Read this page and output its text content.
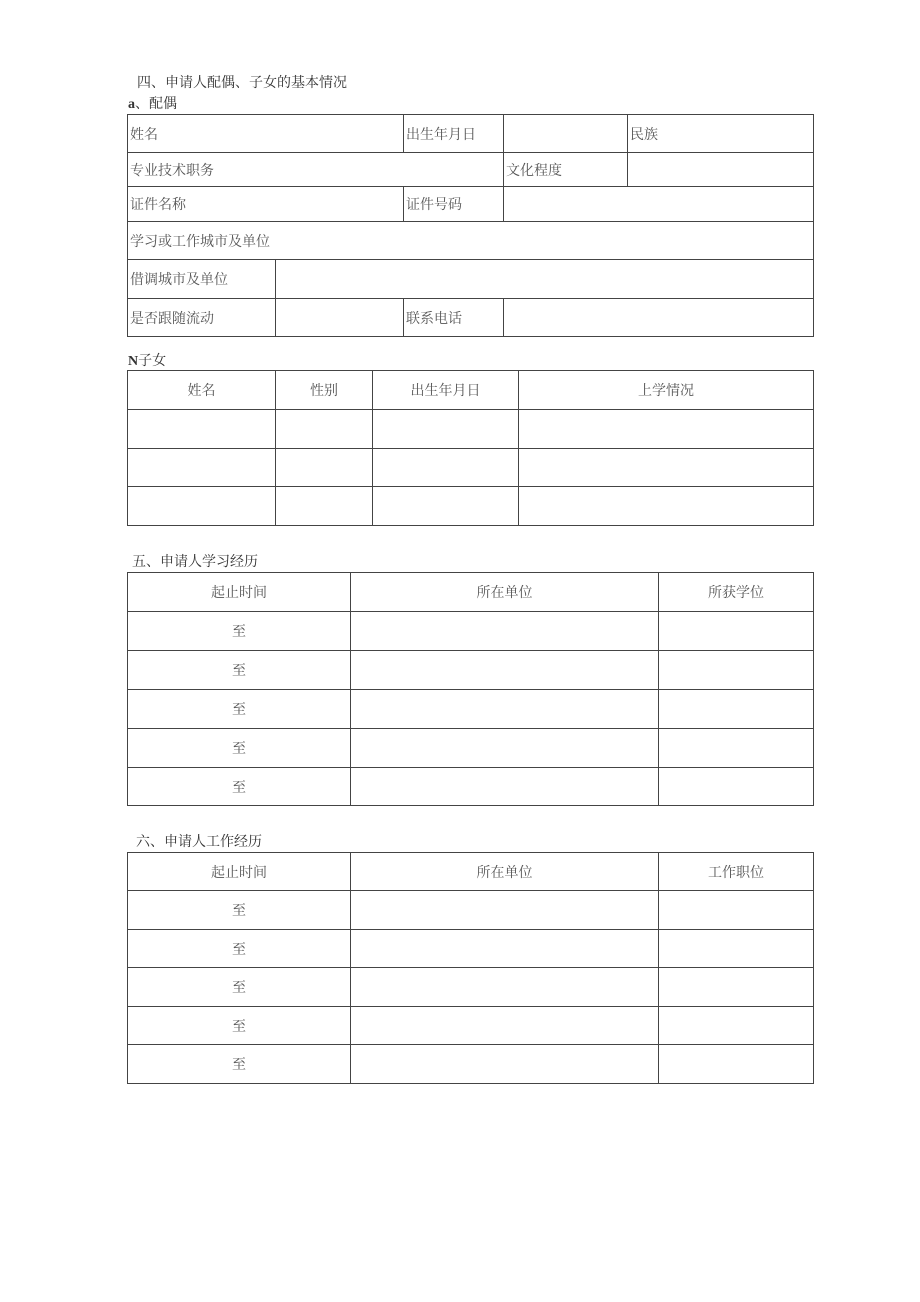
四、申请人配偶、子女的基本情况
a、配偶
姓名		出生年月日		民族
专业技术职务			文化程度	
证件名称		证件号码		
学习或工作城市及单位				
借调城市及单位				
是否跟随流动		联系电话		
N子女
姓名	性别	出生年月日	上学情况

五、申请人学习经历
起止时间	所在单位	所获学位
至		
至		
至		
至		
至		
六、申请人工作经历
起止时间	所在单位	工作职位
至		
至		
至		
至		
至		
